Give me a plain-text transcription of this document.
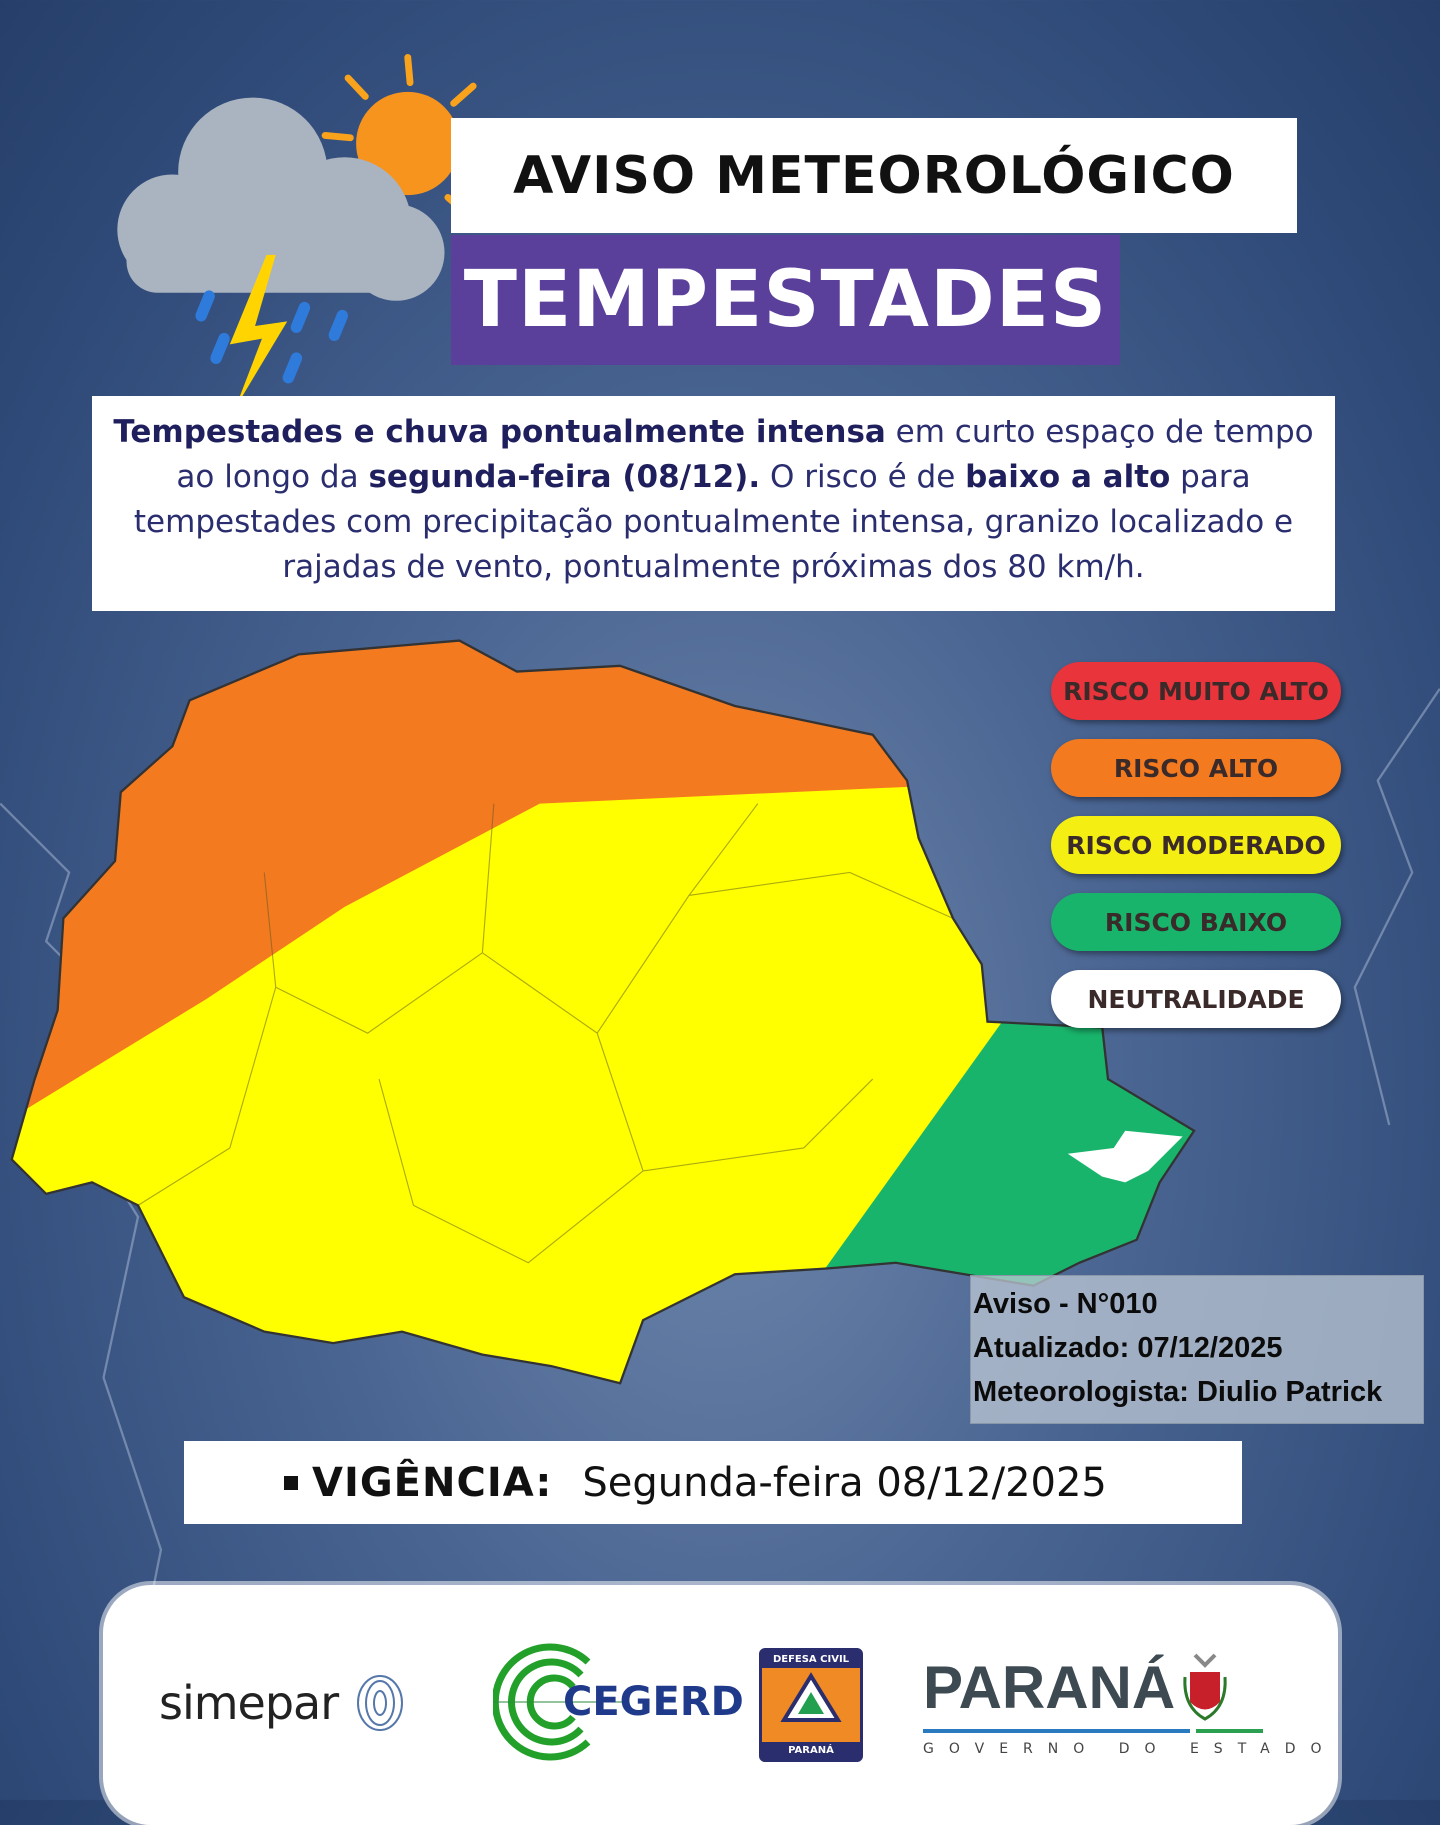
AVISO METEOROLÓGICO
TEMPESTADES
Tempestades e chuva pontualmente intensa em curto espaço de tempo ao longo da segunda-feira (08/12). O risco é de baixo a alto para tempestades com precipitação pontualmente intensa, granizo localizado e rajadas de vento, pontualmente próximas dos 80 km/h.
RISCO MUITO ALTO
RISCO ALTO
RISCO MODERADO
RISCO BAIXO
NEUTRALIDADE
Aviso - N°010
Atualizado: 07/12/2025
Meteorologista: Diulio Patrick
VIGÊNCIA: Segunda-feira 08/12/2025
simepar	CEGERD
DEFESA CIVIL
PARANÁ
PARANÁ
GOVERNO DO ESTADO
